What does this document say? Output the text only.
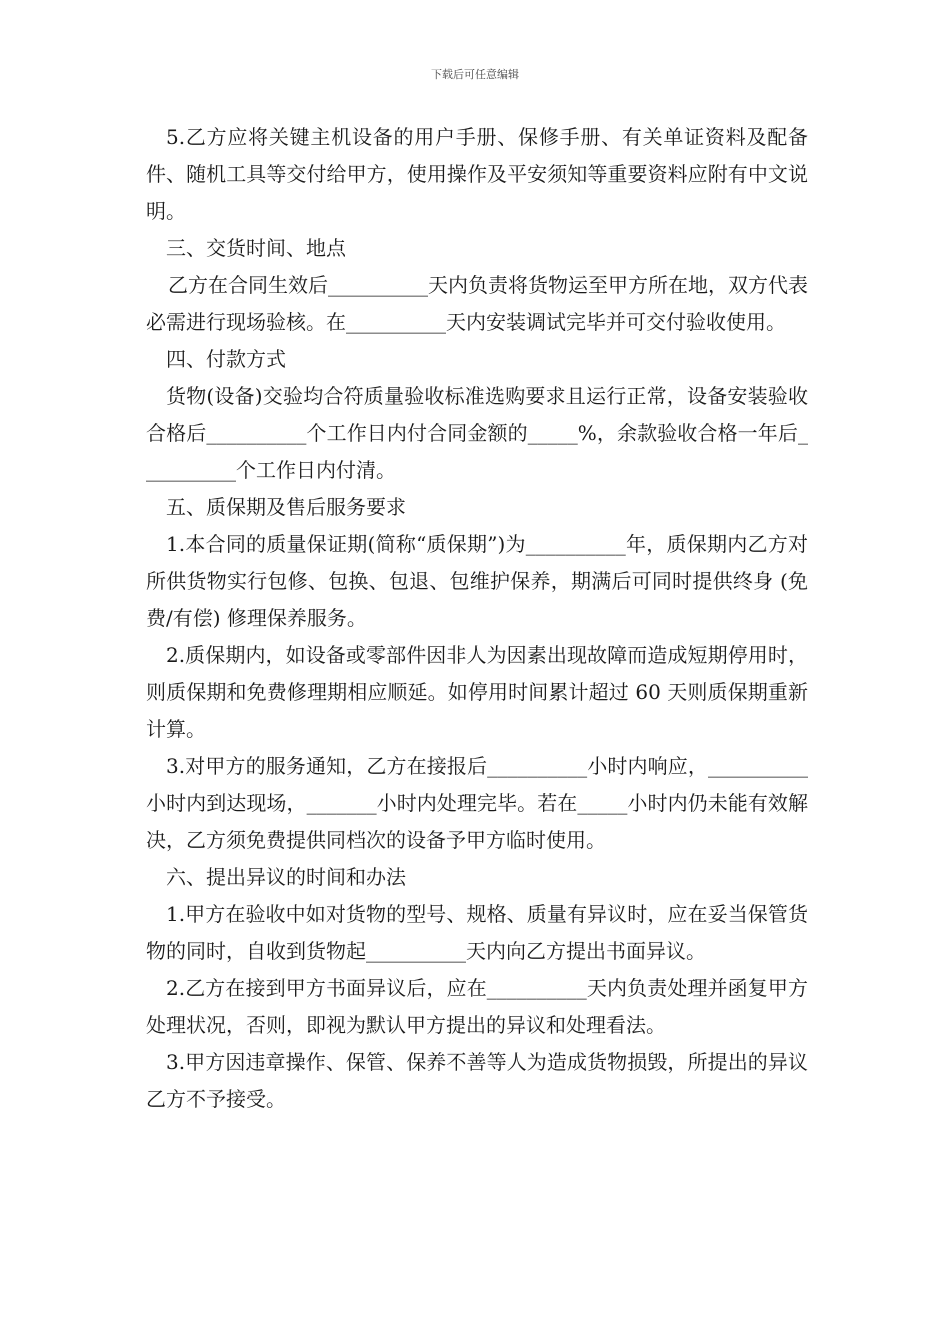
下载后可任意编辑

5.乙方应将关键主机设备的用户手册、保修手册、有关单证资料及配备件、随机工具等交付给甲方，使用操作及平安须知等重要资料应附有中文说明。

三、交货时间、地点

乙方在合同生效后__________天内负责将货物运至甲方所在地，双方代表必需进行现场验核。在__________天内安装调试完毕并可交付验收使用。

四、付款方式

货物(设备)交验均合符质量验收标准选购要求且运行正常，设备安装验收合格后__________个工作日内付合同金额的_____%，余款验收合格一年后__________个工作日内付清。

五、质保期及售后服务要求

1.本合同的质量保证期(简称“质保期”)为__________年，质保期内乙方对所供货物实行包修、包换、包退、包维护保养，期满后可同时提供终身 (免费/有偿) 修理保养服务。

2.质保期内，如设备或零部件因非人为因素出现故障而造成短期停用时，则质保期和免费修理期相应顺延。如停用时间累计超过 60 天则质保期重新计算。

3.对甲方的服务通知，乙方在接报后__________小时内响应，__________小时内到达现场，_______小时内处理完毕。若在_____小时内仍未能有效解决，乙方须免费提供同档次的设备予甲方临时使用。

六、提出异议的时间和办法

1.甲方在验收中如对货物的型号、规格、质量有异议时，应在妥当保管货物的同时，自收到货物起__________天内向乙方提出书面异议。

2.乙方在接到甲方书面异议后，应在__________天内负责处理并函复甲方处理状况，否则，即视为默认甲方提出的异议和处理看法。

3.甲方因违章操作、保管、保养不善等人为造成货物损毁，所提出的异议乙方不予接受。
